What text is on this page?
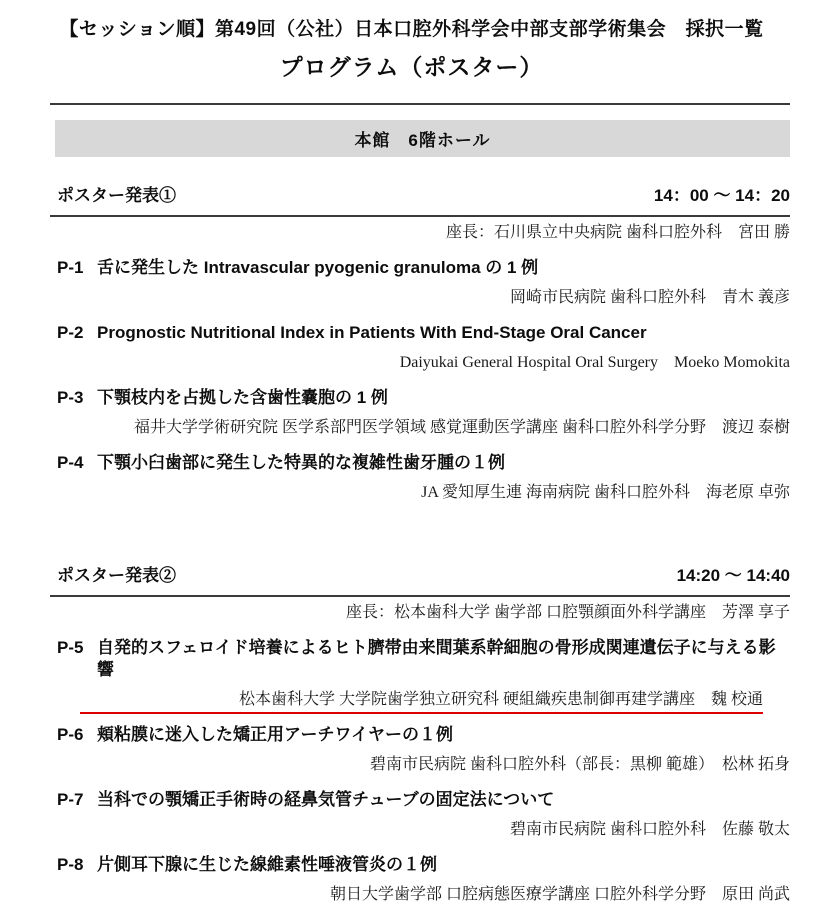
【セッション順】第49回（公社）日本口腔外科学会中部支部学術集会　採択一覧
プログラム（ポスター）
本館　6階ホール
ポスター発表①	14：00 ～ 14：20
座長：石川県立中央病院 歯科口腔外科　宮田 勝
P-1 舌に発生した Intravascular pyogenic granuloma の 1 例
岡崎市民病院 歯科口腔外科　青木 義彦
P-2 Prognostic Nutritional Index in Patients With End-Stage Oral Cancer
Daiyukai General Hospital Oral Surgery　Moeko Momokita
P-3 下顎枝内を占拠した含歯性嚢胞の 1 例
福井大学学術研究院 医学系部門医学領域 感覚運動医学講座 歯科口腔外科学分野　渡辺 泰樹
P-4 下顎小臼歯部に発生した特異的な複雑性歯牙腫の１例
JA 愛知厚生連 海南病院 歯科口腔外科　海老原 卓弥
ポスター発表②	14:20 ～ 14:40
座長：松本歯科大学 歯学部 口腔顎顔面外科学講座　芳澤 享子
P-5 自発的スフェロイド培養によるヒト臍帯由来間葉系幹細胞の骨形成関連遺伝子に与える影響
松本歯科大学 大学院歯学独立研究科 硬組織疾患制御再建学講座　魏 校通
P-6 頬粘膜に迷入した矯正用アーチワイヤーの１例
碧南市民病院 歯科口腔外科（部長：黒柳 範雄）　松林 拓身
P-7 当科での顎矯正手術時の経鼻気管チューブの固定法について
碧南市民病院 歯科口腔外科　佐藤 敬太
P-8 片側耳下腺に生じた線維素性唾液管炎の１例
朝日大学歯学部 口腔病態医療学講座 口腔外科学分野　原田 尚武
